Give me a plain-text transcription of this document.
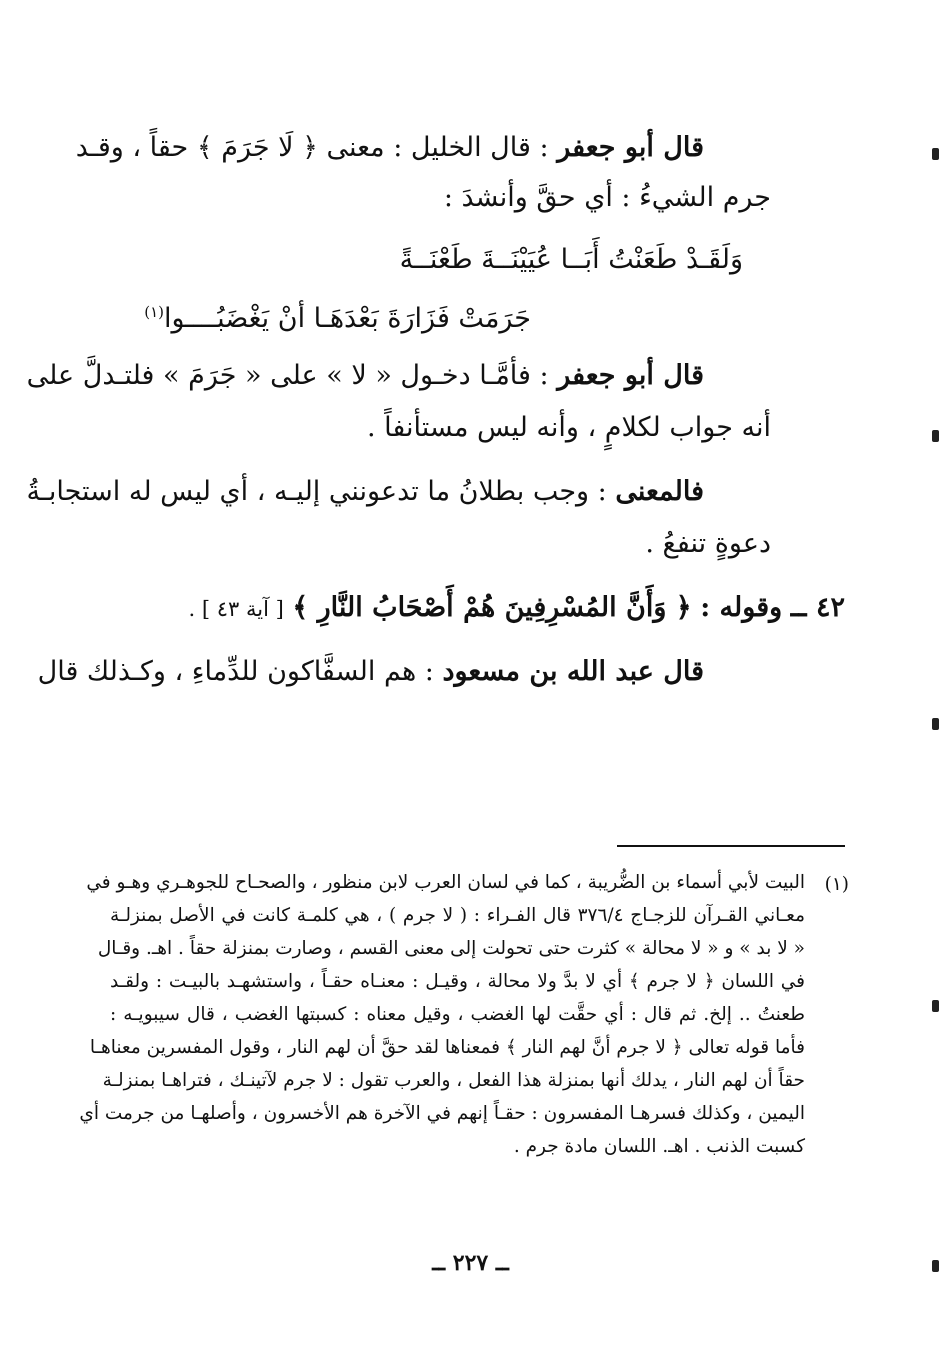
قال أبو جعفر : قال الخليل : معنى ﴿ لَا جَرَمَ ﴾ حقاً ، وقـد
جرم الشيءُ : أي حقَّ وأنشدَ :
وَلَقَـدْ طَعَنْتُ أَبَــا عُيَيْنَــةَ طَعْنَــةً
جَرَمَتْ فَزَارَةَ بَعْدَهَـا أنْ يَغْضَبُــــوا$^{(١)}$
قال أبو جعفر : فأمَّـا دخـول « لا » على « جَرَمَ » فلتـدلَّ على
أنه جواب لكلامٍ ، وأنه ليس مستأنفاً .
فالمعنى : وجب بطلانُ ما تدعونني إليـه ، أي ليس له استجابـةُ
دعوةٍ تنفعُ .
٤٢ ــ وقوله : ﴿ وَأَنَّ المُسْرِفِينَ هُمْ أَصْحَابُ النَّارِ ﴾ [ آية ٤٣ ] .
قال عبد الله بن مسعود : هم السفَّاكون للدِّماءِ ، وكـذلك قال
(١)
البيت لأبي أسماء بن الضُّريبة ، كما في لسان العرب لابن منظور ، والصحـاح للجوهـري وهـو في
معـاني القـرآن للزجـاج ٣٧٦/٤ قال الفـراء : ( لا جرم ) ، هي كلمـة كانت في الأصل بمنزلـة
« لا بد » و « لا محالة » كثرت حتى تحولت إلى معنى القسم ، وصارت بمنزلة حقاً . اهـ. وقـال
في اللسان ﴿ لا جرم ﴾ أي لا بدَّ ولا محالة ، وقيـل : معنـاه حقـاً ، واستشهـد بالبيـت : ولقـد
طعنتُ .. إلخ. ثم قال : أي حقَّت لها الغضب ، وقيل معناه : كسبتها الغضب ، قال سيبويـه :
فأما قوله تعالى ﴿ لا جرم أنَّ لهم النار ﴾ فمعناها لقد حقَّ أن لهم النار ، وقول المفسرين معناهـا
حقاً أن لهم النار ، يدلك أنها بمنزلة هذا الفعل ، والعرب تقول : لا جرم لآتينـك ، فتراهـا بمنزلـة
اليمين ، وكذلك فسرهـا المفسرون : حقـاً إنهم في الآخرة هم الأخسرون ، وأصلهـا من جرمت أي
كسبت الذنب . اهـ. اللسان مادة جرم .
ــ ٢٢٧ ــ
